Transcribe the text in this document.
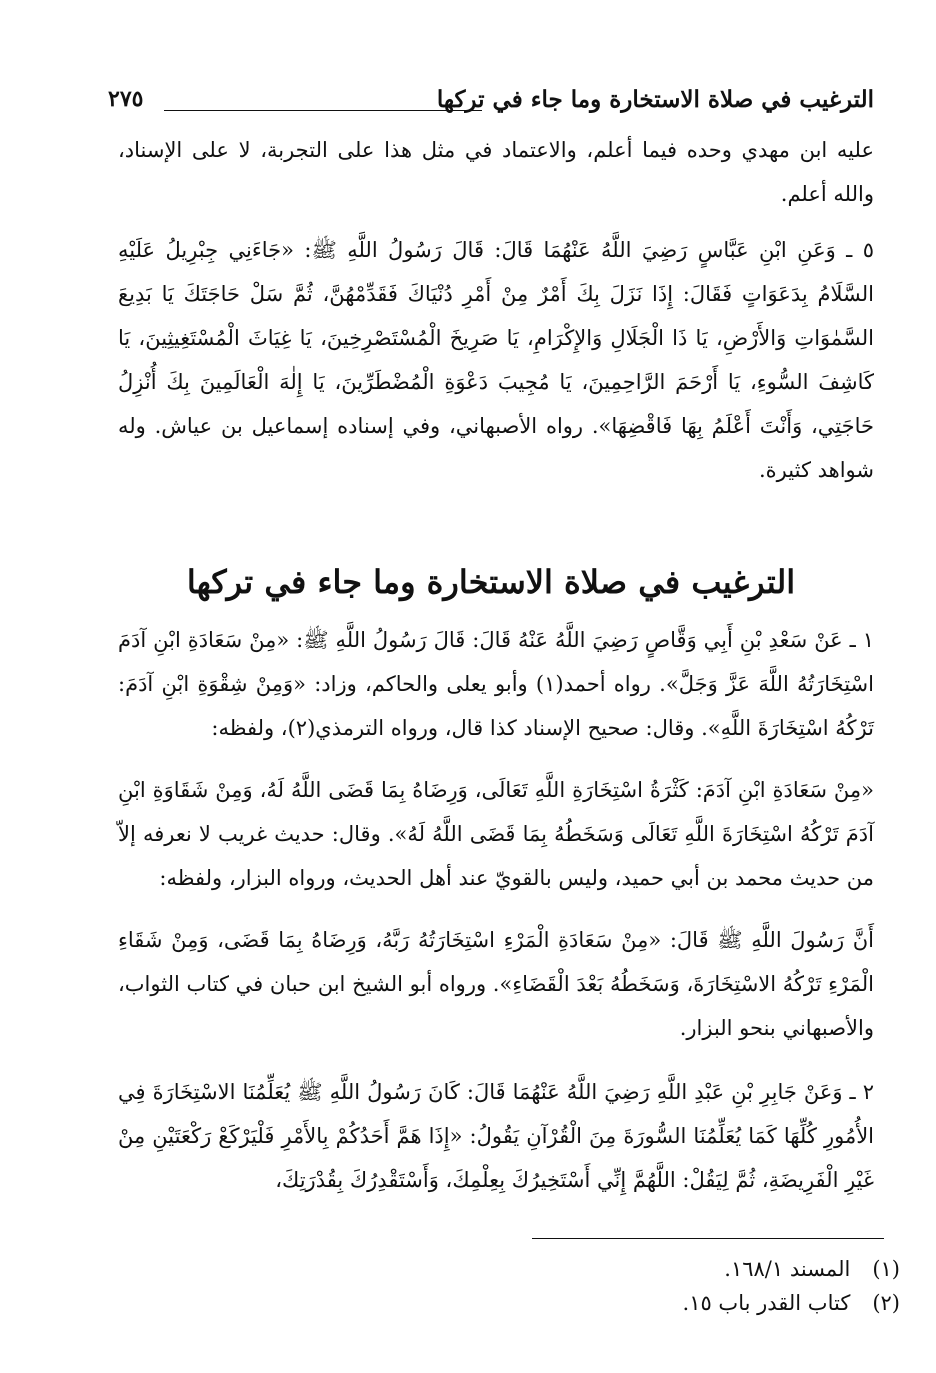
الترغيب في صلاة الاستخارة وما جاء في تركها
٢٧٥

عليه ابن مهدي وحده فيما أعلم، والاعتماد في مثل هذا على التجربة، لا على الإسناد، والله أعلم.

٥ ـ وَعَنِ ابْنِ عَبَّاسٍ رَضِيَ اللَّهُ عَنْهُمَا قَالَ: قَالَ رَسُولُ اللَّهِ ﷺ: «جَاءَنِي جِبْرِيلُ عَلَيْهِ السَّلَامُ بِدَعَوَاتٍ فَقَالَ: إِذَا نَزَلَ بِكَ أَمْرٌ مِنْ أَمْرِ دُنْيَاكَ فَقَدِّمْهُنَّ، ثُمَّ سَلْ حَاجَتَكَ يَا بَدِيعَ السَّمٰوَاتِ وَالأَرْضِ، يَا ذَا الْجَلَالِ وَالإِكْرَامِ، يَا صَرِيخَ الْمُسْتَصْرِخِينَ، يَا غِيَاثَ الْمُسْتَغِيثِينَ، يَا كَاشِفَ السُّوءِ، يَا أَرْحَمَ الرَّاحِمِينَ، يَا مُجِيبَ دَعْوَةِ الْمُضْطَرِّينَ، يَا إِلٰهَ الْعَالَمِينَ بِكَ أُنْزِلُ حَاجَتِي، وَأَنْتَ أَعْلَمُ بِهَا فَاقْضِهَا». رواه الأصبهاني، وفي إسناده إسماعيل بن عياش. وله شواهد كثيرة.

الترغيب في صلاة الاستخارة وما جاء في تركها

١ ـ عَنْ سَعْدِ بْنِ أَبِي وَقَّاصٍ رَضِيَ اللَّهُ عَنْهُ قَالَ: قَالَ رَسُولُ اللَّهِ ﷺ: «مِنْ سَعَادَةِ ابْنِ آدَمَ اسْتِخَارَتُهُ اللَّهَ عَزَّ وَجَلَّ». رواه أحمد(١) وأبو يعلى والحاكم، وزاد: «وَمِنْ شِقْوَةِ ابْنِ آدَمَ: تَرْكُهُ اسْتِخَارَةَ اللَّهِ». وقال: صحيح الإسناد كذا قال، ورواه الترمذي(٢)، ولفظه:

«مِنْ سَعَادَةِ ابْنِ آدَمَ: كَثْرَةُ اسْتِخَارَةِ اللَّهِ تَعَالَى، وَرِضَاهُ بِمَا قَضَى اللَّهُ لَهُ، وَمِنْ شَقَاوَةِ ابْنِ آدَمَ تَرْكُهُ اسْتِخَارَةَ اللَّهِ تَعَالَى وَسَخَطُهُ بِمَا قَضَى اللَّهُ لَهُ». وقال: حديث غريب لا نعرفه إلاّ من حديث محمد بن أبي حميد، وليس بالقويّ عند أهل الحديث، ورواه البزار، ولفظه:

أَنَّ رَسُولَ اللَّهِ ﷺ قَالَ: «مِنْ سَعَادَةِ الْمَرْءِ اسْتِخَارَتُهُ رَبَّهُ، وَرِضَاهُ بِمَا قَضَى، وَمِنْ شَقَاءِ الْمَرْءِ تَرْكُهُ الاسْتِخَارَةَ، وَسَخَطُهُ بَعْدَ الْقَضَاءِ». ورواه أبو الشيخ ابن حبان في كتاب الثواب، والأصبهاني بنحو البزار.

٢ ـ وَعَنْ جَابِرِ بْنِ عَبْدِ اللَّهِ رَضِيَ اللَّهُ عَنْهُمَا قَالَ: كَانَ رَسُولُ اللَّهِ ﷺ يُعَلِّمُنَا الاسْتِخَارَةَ فِي الأُمُورِ كُلِّهَا كَمَا يُعَلِّمُنَا السُّورَةَ مِنَ الْقُرْآنِ يَقُولُ: «إِذَا هَمَّ أَحَدُكُمْ بِالأَمْرِ فَلْيَرْكَعْ رَكْعَتَيْنِ مِنْ غَيْرِ الْفَرِيضَةِ، ثُمَّ لِيَقُلْ: اللَّهُمَّ إِنِّي أَسْتَخِيرُكَ بِعِلْمِكَ، وَأَسْتَقْدِرُكَ بِقُدْرَتِكَ،

(١)
المسند ١٦٨/١.
(٢)
كتاب القدر باب ١٥.
